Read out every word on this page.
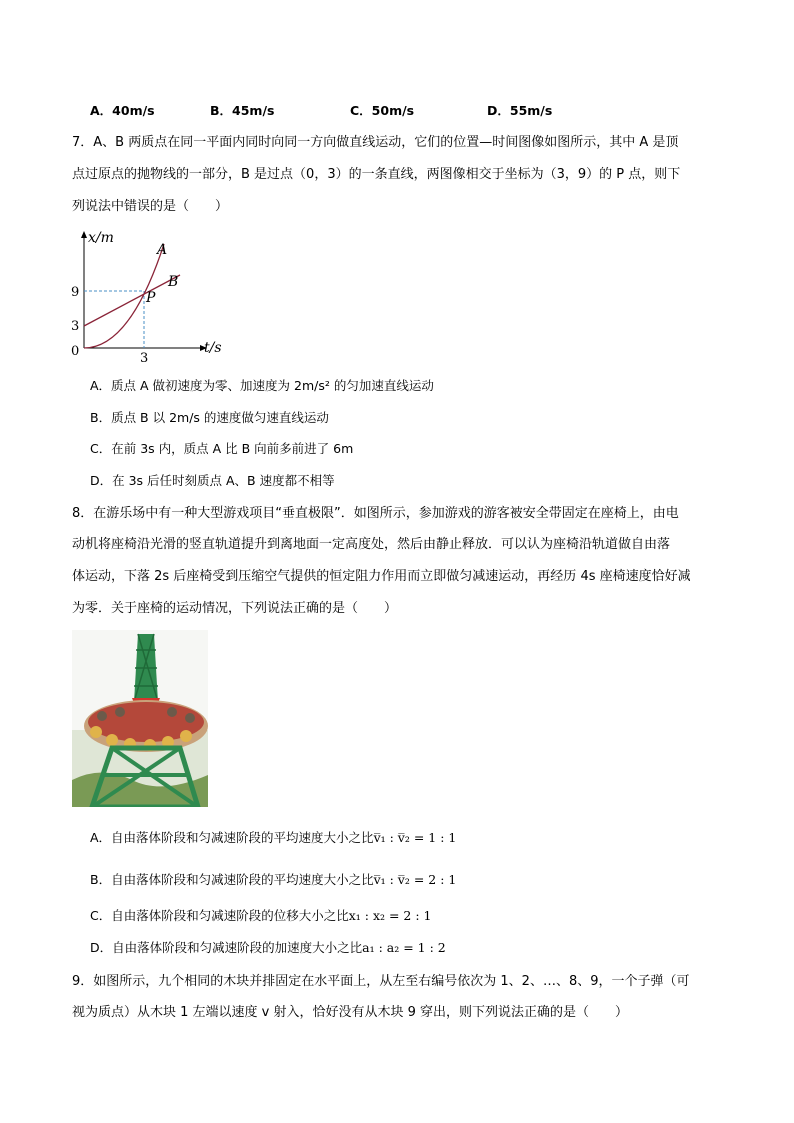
A．40m/s	B．45m/s	C．50m/s	D．55m/s
7．A、B 两质点在同一平面内同时向同一方向做直线运动，它们的位置—时间图像如图所示，其中 A 是顶
点过原点的抛物线的一部分，B 是过点（0，3）的一条直线，两图像相交于坐标为（3，9）的 P 点，则下
列说法中错误的是（　　）
x/m
t/s
0
9
3
3
A
B
P
A．质点 A 做初速度为零、加速度为 2m/s² 的匀加速直线运动
B．质点 B 以 2m/s 的速度做匀速直线运动
C．在前 3s 内，质点 A 比 B 向前多前进了 6m
D．在 3s 后任时刻质点 A、B 速度都不相等
8．在游乐场中有一种大型游戏项目“垂直极限”．如图所示，参加游戏的游客被安全带固定在座椅上，由电
动机将座椅沿光滑的竖直轨道提升到离地面一定高度处，然后由静止释放．可以认为座椅沿轨道做自由落
体运动，下落 2s 后座椅受到压缩空气提供的恒定阻力作用而立即做匀减速运动，再经历 4s 座椅速度恰好减
为零．关于座椅的运动情况，下列说法正确的是（　　）
A．自由落体阶段和匀减速阶段的平均速度大小之比v̅₁ : v̅₂ = 1 : 1
B．自由落体阶段和匀减速阶段的平均速度大小之比v̅₁ : v̅₂ = 2 : 1
C．自由落体阶段和匀减速阶段的位移大小之比x₁ : x₂ = 2 : 1
D．自由落体阶段和匀减速阶段的加速度大小之比a₁ : a₂ = 1 : 2
9．如图所示，九个相同的木块并排固定在水平面上，从左至右编号依次为 1、2、…、8、9，一个子弹（可
视为质点）从木块 1 左端以速度 v 射入，恰好没有从木块 9 穿出，则下列说法正确的是（　　）
